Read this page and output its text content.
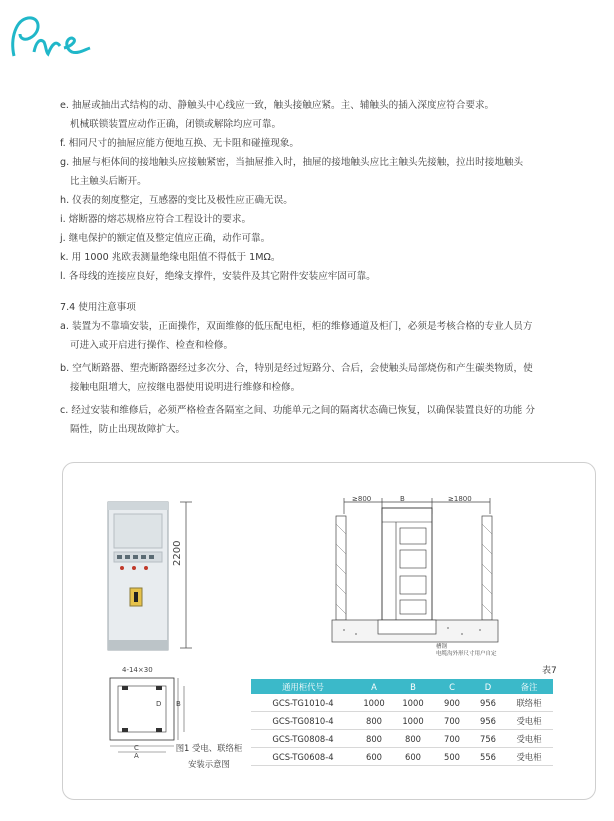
e. 抽屉或抽出式结构的动、静触头中心线应一致，触头接触应紧。主、辅触头的插入深度应符合要求。

机械联锁装置应动作正确，闭锁或解除均应可靠。

f. 相同尺寸的抽屉应能方便地互换、无卡阻和碰撞现象。

g. 抽屉与柜体间的接地触头应接触紧密，当抽屉推入时，抽屉的接地触头应比主触头先接触，拉出时接地触头

比主触头后断开。

h. 仪表的刻度整定，互感器的变比及极性应正确无误。

i. 熔断器的熔芯规格应符合工程设计的要求。

j. 继电保护的额定值及整定值应正确，动作可靠。

k. 用 1000 兆欧表测量绝缘电阻值不得低于 1MΩ。

l. 各母线的连接应良好，绝缘支撑件，安装件及其它附件安装应牢固可靠。

7.4 使用注意事项

a. 装置为不靠墙安装，正面操作，双面维修的低压配电柜，柜的维修通道及柜门，必须是考核合格的专业人员方

可进入或开启进行操作、检查和检修。

b. 空气断路器、塑壳断路器经过多次分、合，特别是经过短路分、合后，会使触头局部烧伤和产生碳类物质，使

接触电阻增大，应按继电器使用说明进行维修和检修。

c. 经过安装和维修后，必须严格检查各隔室之间、功能单元之间的隔离状态确已恢复，以确保装置良好的功能 分

隔性，防止出现故障扩大。

2200
≥800	B	≥1800
槽钢
电缆沟外形尺寸用户自定
4-14×30
C
A
D B
图1 受电、联络柜
安装示意图
表7
通用柜代号	A	B	C	D	备注
GCS-TG1010-4	1000	1000	900	956	联络柜
GCS-TG0810-4	800	1000	700	956	受电柜
GCS-TG0808-4	800	800	700	756	受电柜
GCS-TG0608-4	600	600	500	556	受电柜
